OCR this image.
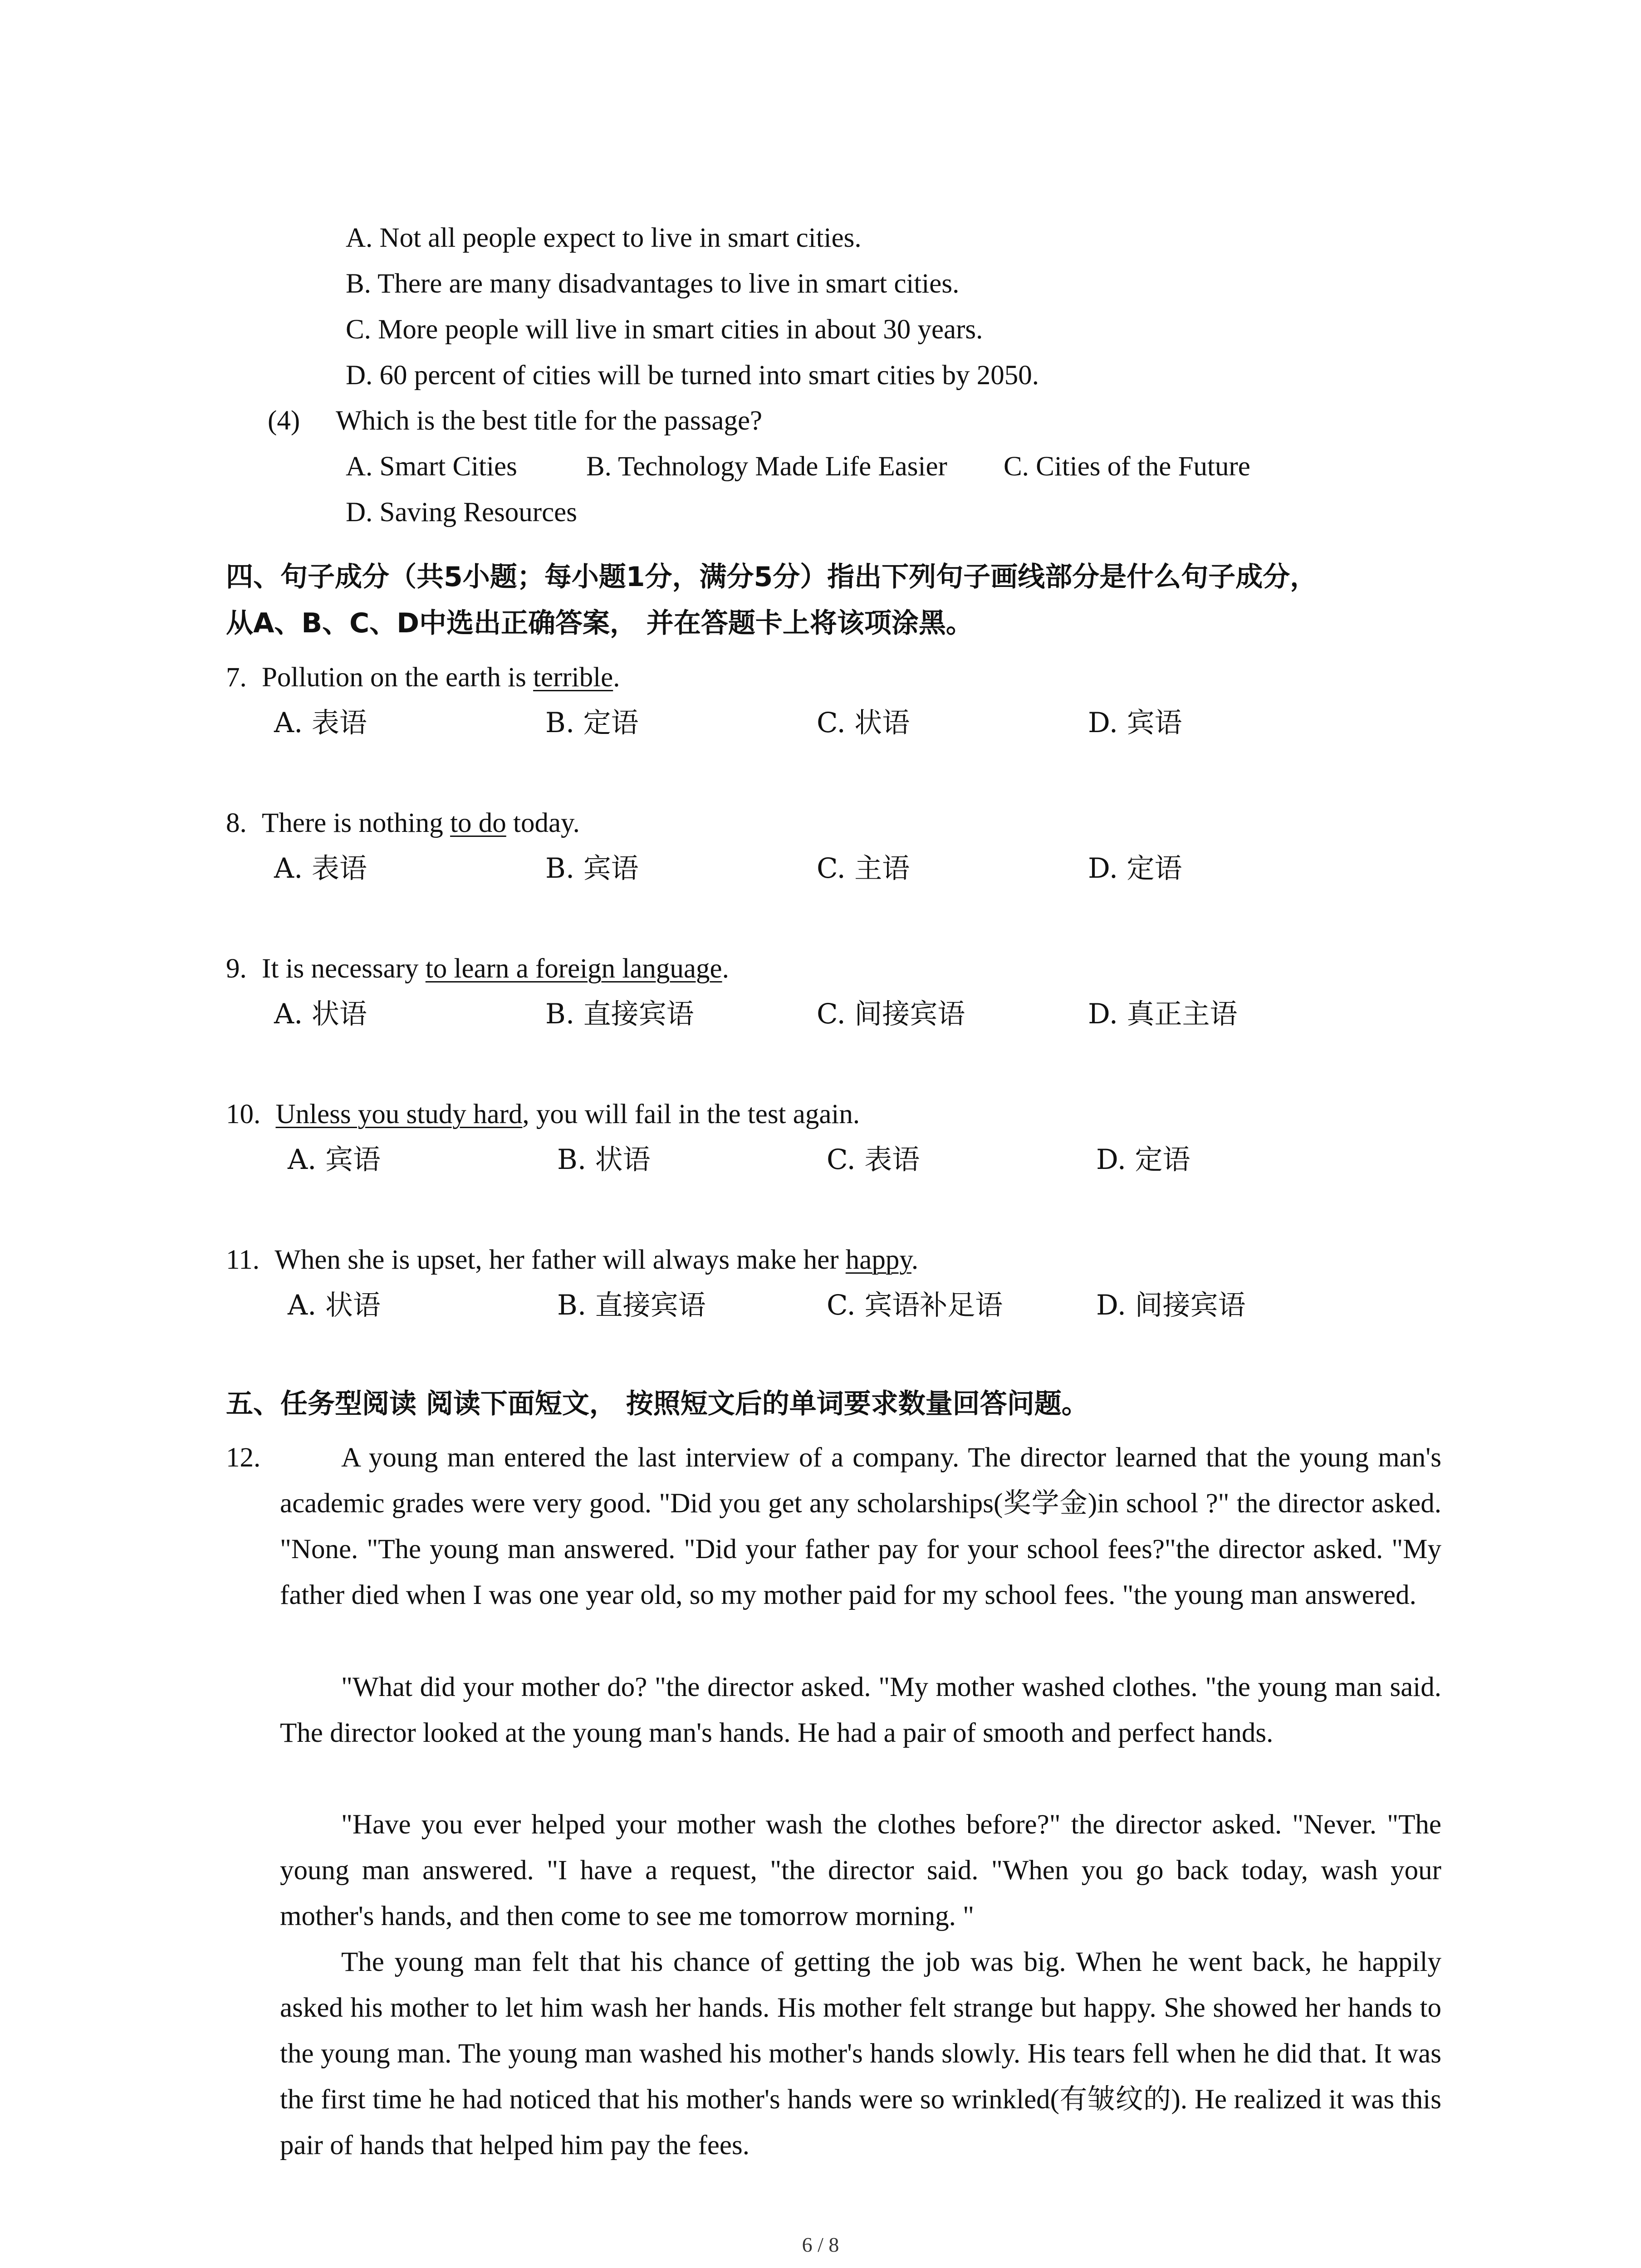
A. Not all people expect to live in smart cities.
B. There are many disadvantages to live in smart cities.
C. More people will live in smart cities in about 30 years.
D. 60 percent of cities will be turned into smart cities by 2050.
(4) Which is the best title for the passage?
A. Smart Cities B. Technology Made Life Easier C. Cities of the Future
D. Saving Resources
四、句子成分（共5小题；每小题1分，满分5分）指出下列句子画线部分是什么句子成分，
从A、B、C、D中选出正确答案， 并在答题卡上将该项涂黑。
7. Pollution on the earth is terrible.
A. 表语	B. 定语	C. 状语	D. 宾语
8. There is nothing to do today.
A. 表语	B. 宾语	C. 主语	D. 定语
9. It is necessary to learn a foreign language.
A. 状语	B. 直接宾语	C. 间接宾语	D. 真正主语
10. Unless you study hard, you will fail in the test again.
A. 宾语	B. 状语	C. 表语	D. 定语
11. When she is upset, her father will always make her happy.
A. 状语	B. 直接宾语	C. 宾语补足语	D. 间接宾语
五、任务型阅读 阅读下面短文， 按照短文后的单词要求数量回答问题。
12.	A young man entered the last interview of a company. The director learned that the young man's academic grades were very good. "Did you get any scholarships(奖学金)in school ?" the director asked. "None. "The young man answered. "Did your father pay for your school fees?"the director asked. "My father died when I was one year old, so my mother paid for my school fees. "the young man answered.
"What did your mother do? "the director asked. "My mother washed clothes. "the young man said. The director looked at the young man's hands. He had a pair of smooth and perfect hands.
"Have you ever helped your mother wash the clothes before?" the director asked. "Never. "The young man answered. "I have a request, "the director said. "When you go back today, wash your mother's hands, and then come to see me tomorrow morning. "
The young man felt that his chance of getting the job was big. When he went back, he happily asked his mother to let him wash her hands. His mother felt strange but happy. She showed her hands to the young man. The young man washed his mother's hands slowly. His tears fell when he did that. It was the first time he had noticed that his mother's hands were so wrinkled(有皱纹的). He realized it was this pair of hands that helped him pay the fees.
6 / 8
